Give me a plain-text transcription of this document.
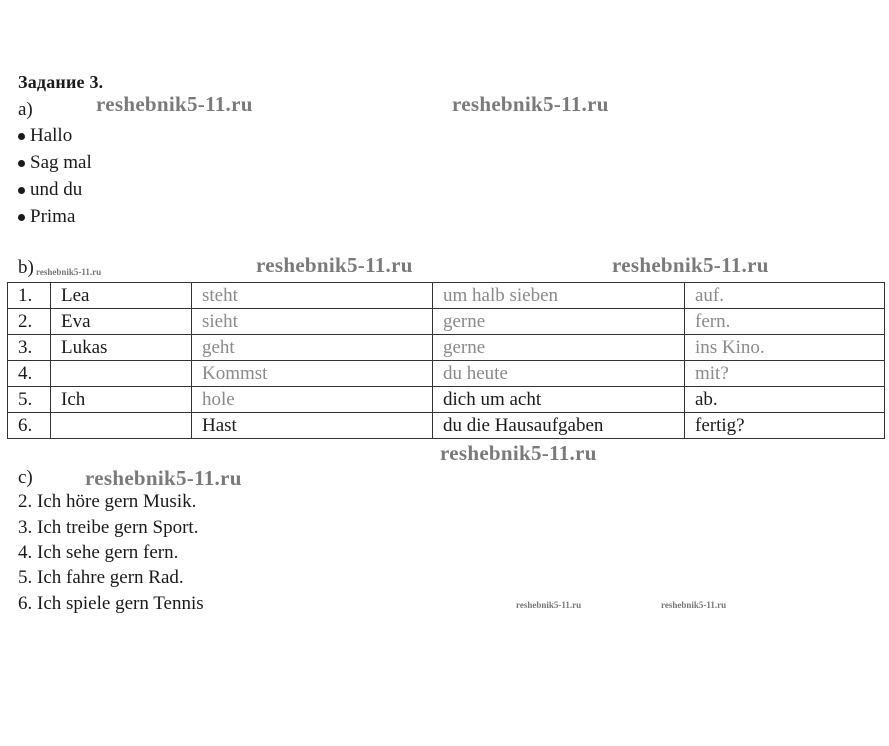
Задание 3.
a)	reshebnik5-11.ru	reshebnik5-11.ru
Hallo
Sag mal
und du
Prima
b) reshebnik5-11.ru	reshebnik5-11.ru	reshebnik5-11.ru
1.	Lea	steht	um halb sieben	auf.
2.	Eva	sieht	gerne	fern.
3.	Lukas	geht	gerne	ins Kino.
4.		Kommst	du heute	mit?
5.	Ich	hole	dich um acht	ab.
6.		Hast	du die Hausaufgaben	fertig?
reshebnik5-11.ru
c) reshebnik5-11.ru
2. Ich höre gern Musik.
3. Ich treibe gern Sport.
4. Ich sehe gern fern.
5. Ich fahre gern Rad.
6. Ich spiele gern Tennis	reshebnik5-11.ru	reshebnik5-11.ru
